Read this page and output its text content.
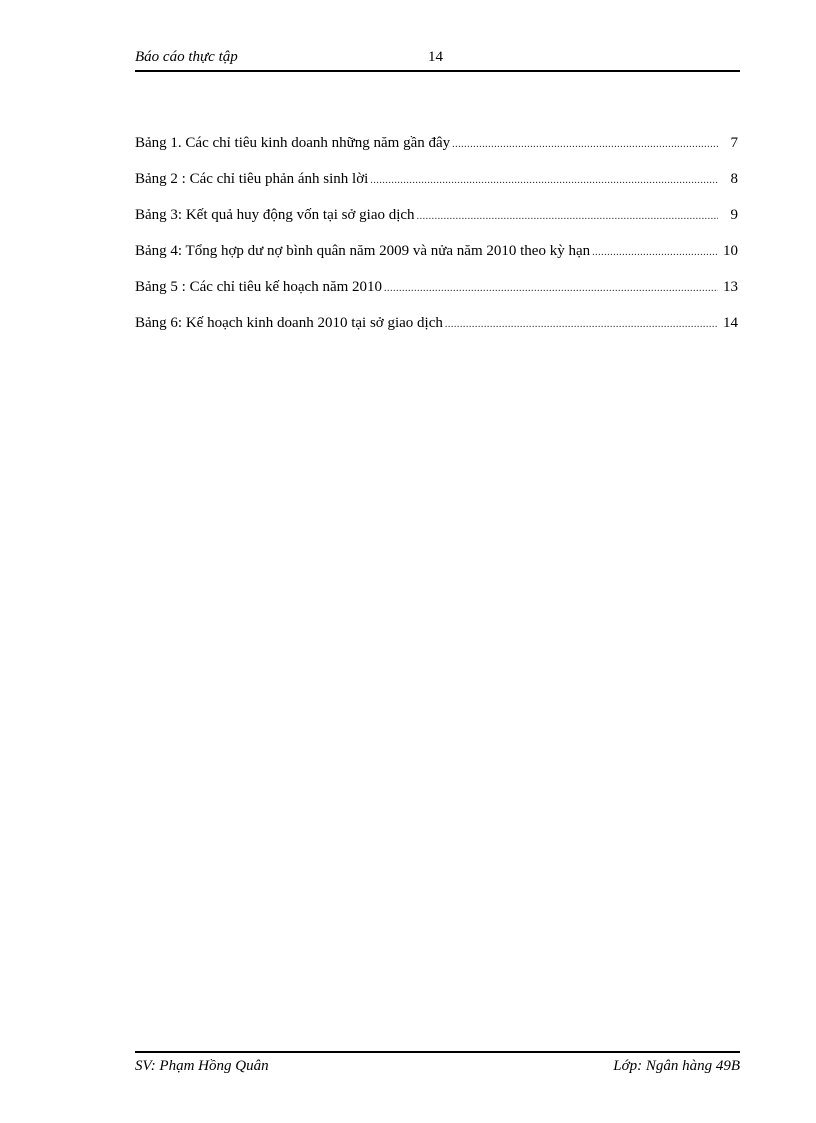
Báo cáo thực tập	14
Bảng 1. Các chỉ tiêu kinh doanh những năm gần đây .....	7
Bảng 2 : Các chỉ tiêu phản ánh sinh lời .....	8
Bảng 3: Kết quả huy động vốn tại sở giao dịch .....	9
Bảng 4: Tổng hợp dư nợ bình quân năm 2009 và nửa năm 2010 theo kỳ hạn .....	10
Bảng 5 : Các chỉ tiêu kế hoạch năm 2010 .....	13
Bảng 6: Kế hoạch kinh doanh 2010 tại sở giao dịch .....	14
SV: Phạm Hồng Quân	Lớp: Ngân hàng 49B
